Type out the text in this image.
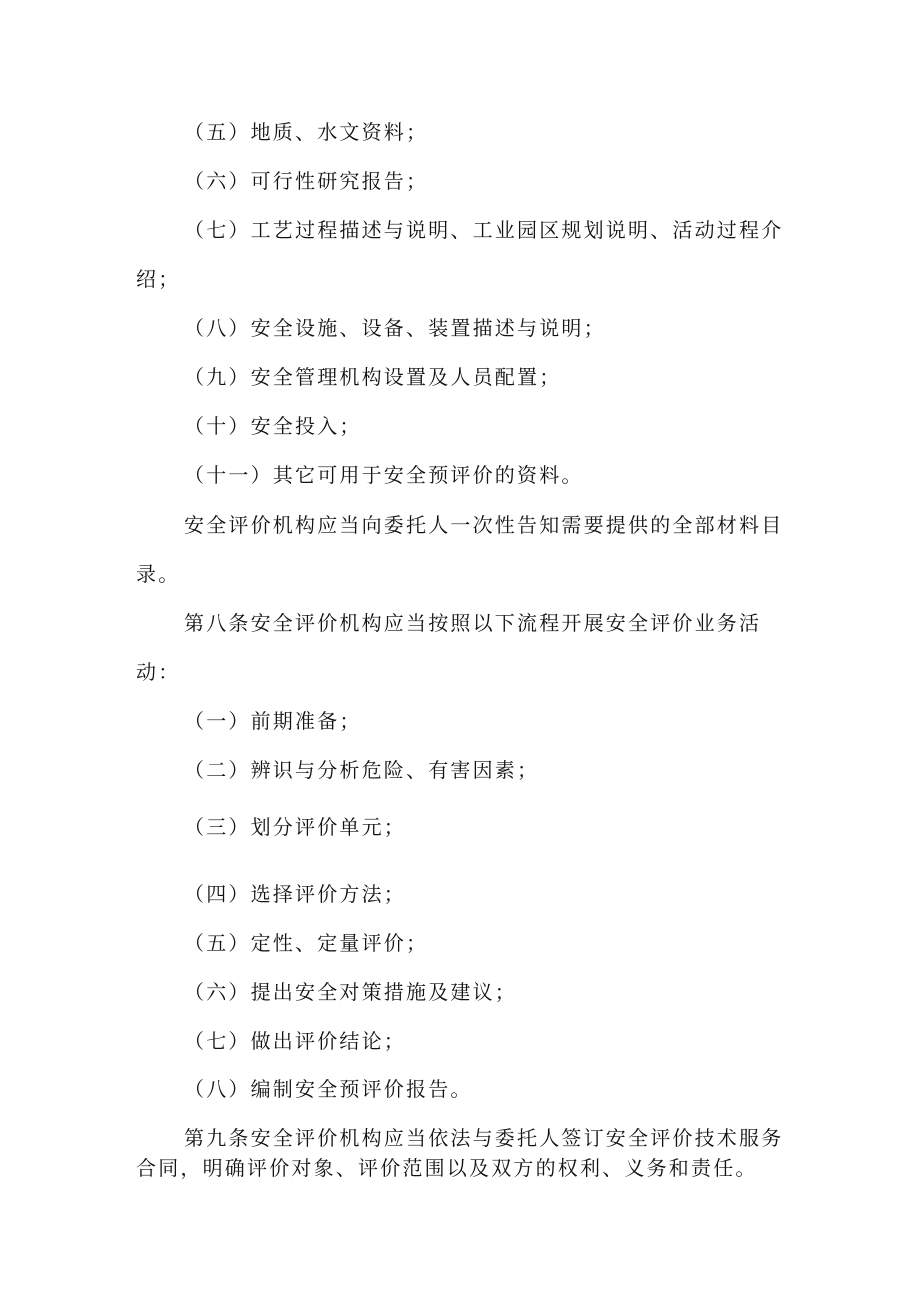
（五）地质、水文资料；
（六）可行性研究报告；
（七）工艺过程描述与说明、工业园区规划说明、活动过程介
绍；
（八）安全设施、设备、装置描述与说明；
（九）安全管理机构设置及人员配置；
（十）安全投入；
（十一）其它可用于安全预评价的资料。
安全评价机构应当向委托人一次性告知需要提供的全部材料目
录。
第八条安全评价机构应当按照以下流程开展安全评价业务活
动：
（一）前期准备；
（二）辨识与分析危险、有害因素；
（三）划分评价单元；
（四）选择评价方法；
（五）定性、定量评价；
（六）提出安全对策措施及建议；
（七）做出评价结论；
（八）编制安全预评价报告。
第九条安全评价机构应当依法与委托人签订安全评价技术服务
合同，明确评价对象、评价范围以及双方的权利、义务和责任。
